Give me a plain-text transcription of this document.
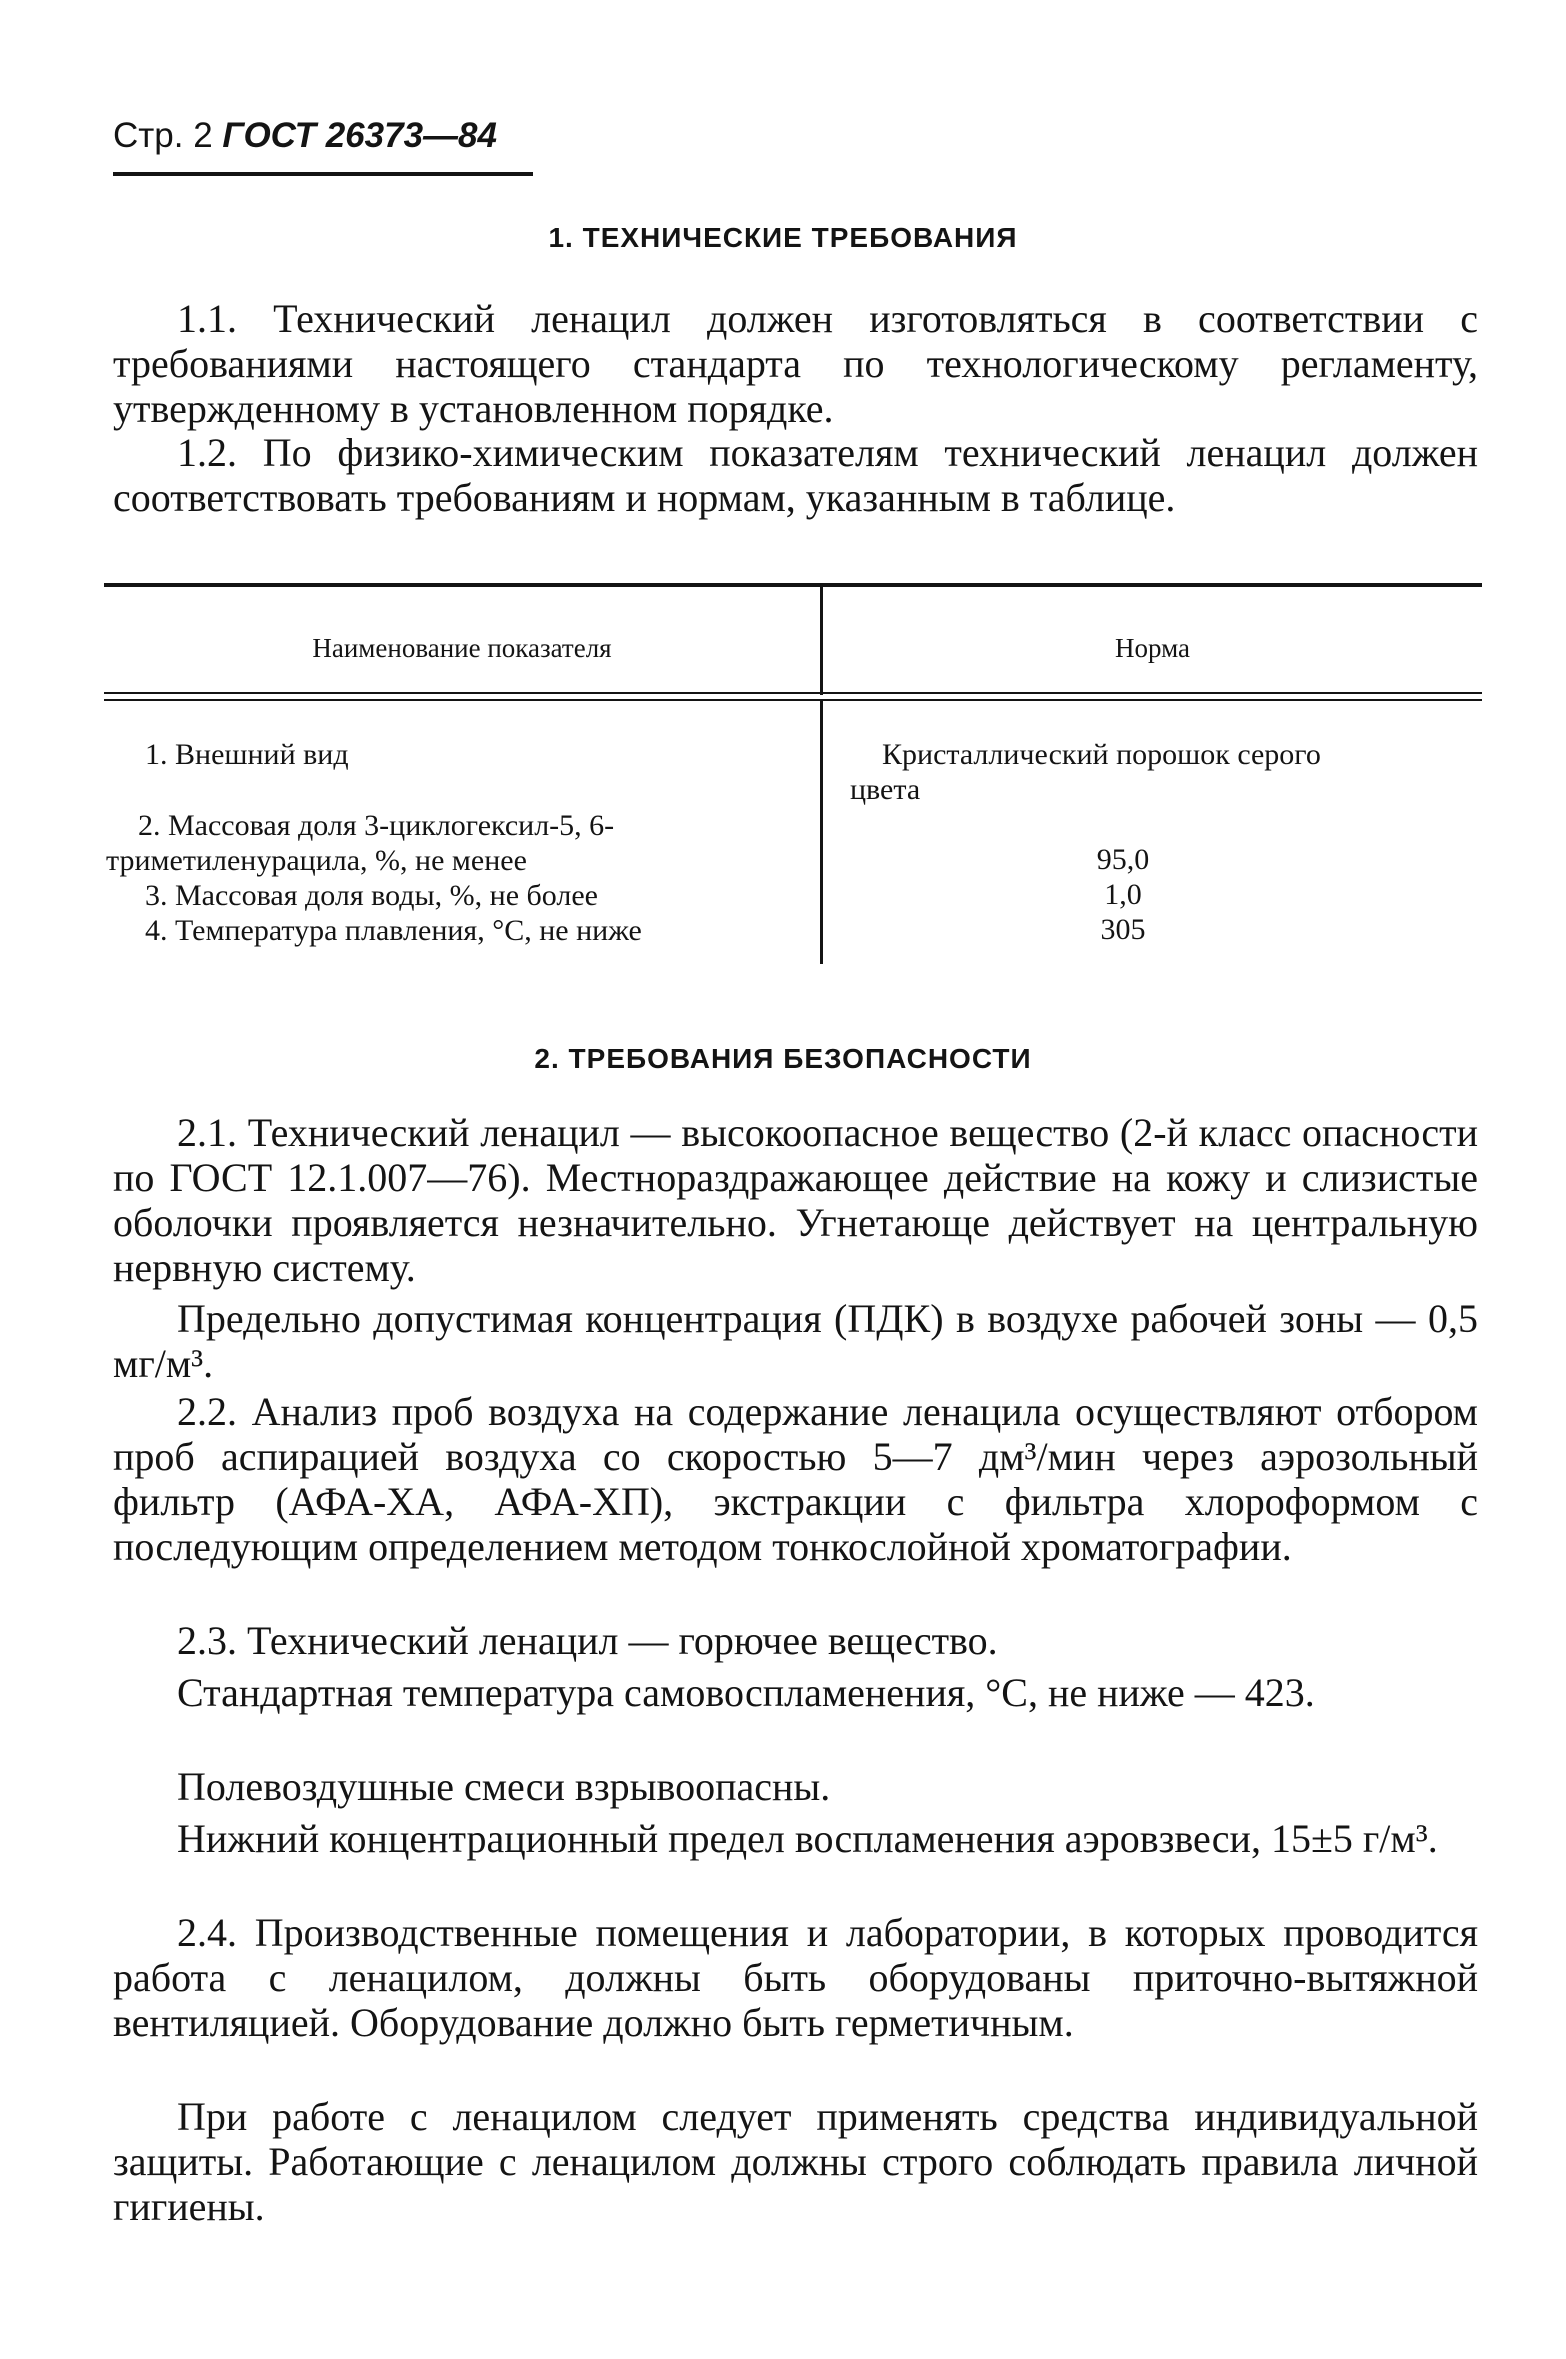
Стр. 2 ГОСТ 26373—84
1. ТЕХНИЧЕСКИЕ ТРЕБОВАНИЯ
1.1. Технический ленацил должен изготовляться в соответствии с требованиями настоящего стандарта по технологическому регламенту, утвержденному в установленном порядке.
1.2. По физико-химическим показателям технический ленацил должен соответствовать требованиям и нормам, указанным в таблице.
Наименование показателя	Норма
1. Внешний вид	Кристаллический порошок серого
цвета
2. Массовая доля 3-циклогексил-5, 6-
триметиленурацила, %, не менее	95,0
3. Массовая доля воды, %, не более	1,0
4. Температура плавления, °С, не ниже	305
2. ТРЕБОВАНИЯ БЕЗОПАСНОСТИ
2.1. Технический ленацил — высокоопасное вещество (2-й класс опасности по ГОСТ 12.1.007—76). Местнораздражающее действие на кожу и слизистые оболочки проявляется незначительно. Угнетающе действует на центральную нервную систему.
Предельно допустимая концентрация (ПДК) в воздухе рабочей зоны — 0,5 мг/м³.
2.2. Анализ проб воздуха на содержание ленацила осуществляют отбором проб аспирацией воздуха со скоростью 5—7 дм³/мин через аэрозольный фильтр (АФА-ХА, АФА-ХП), экстракции с фильтра хлороформом с последующим определением методом тонкослойной хроматографии.
2.3. Технический ленацил — горючее вещество.
Стандартная температура самовоспламенения, °С, не ниже — 423.
Полевоздушные смеси взрывоопасны.
Нижний концентрационный предел воспламенения аэровзвеси, 15±5 г/м³.
2.4. Производственные помещения и лаборатории, в которых проводится работа с ленацилом, должны быть оборудованы приточно-вытяжной вентиляцией. Оборудование должно быть герметичным.
При работе с ленацилом следует применять средства индивидуальной защиты. Работающие с ленацилом должны строго соблюдать правила личной гигиены.
